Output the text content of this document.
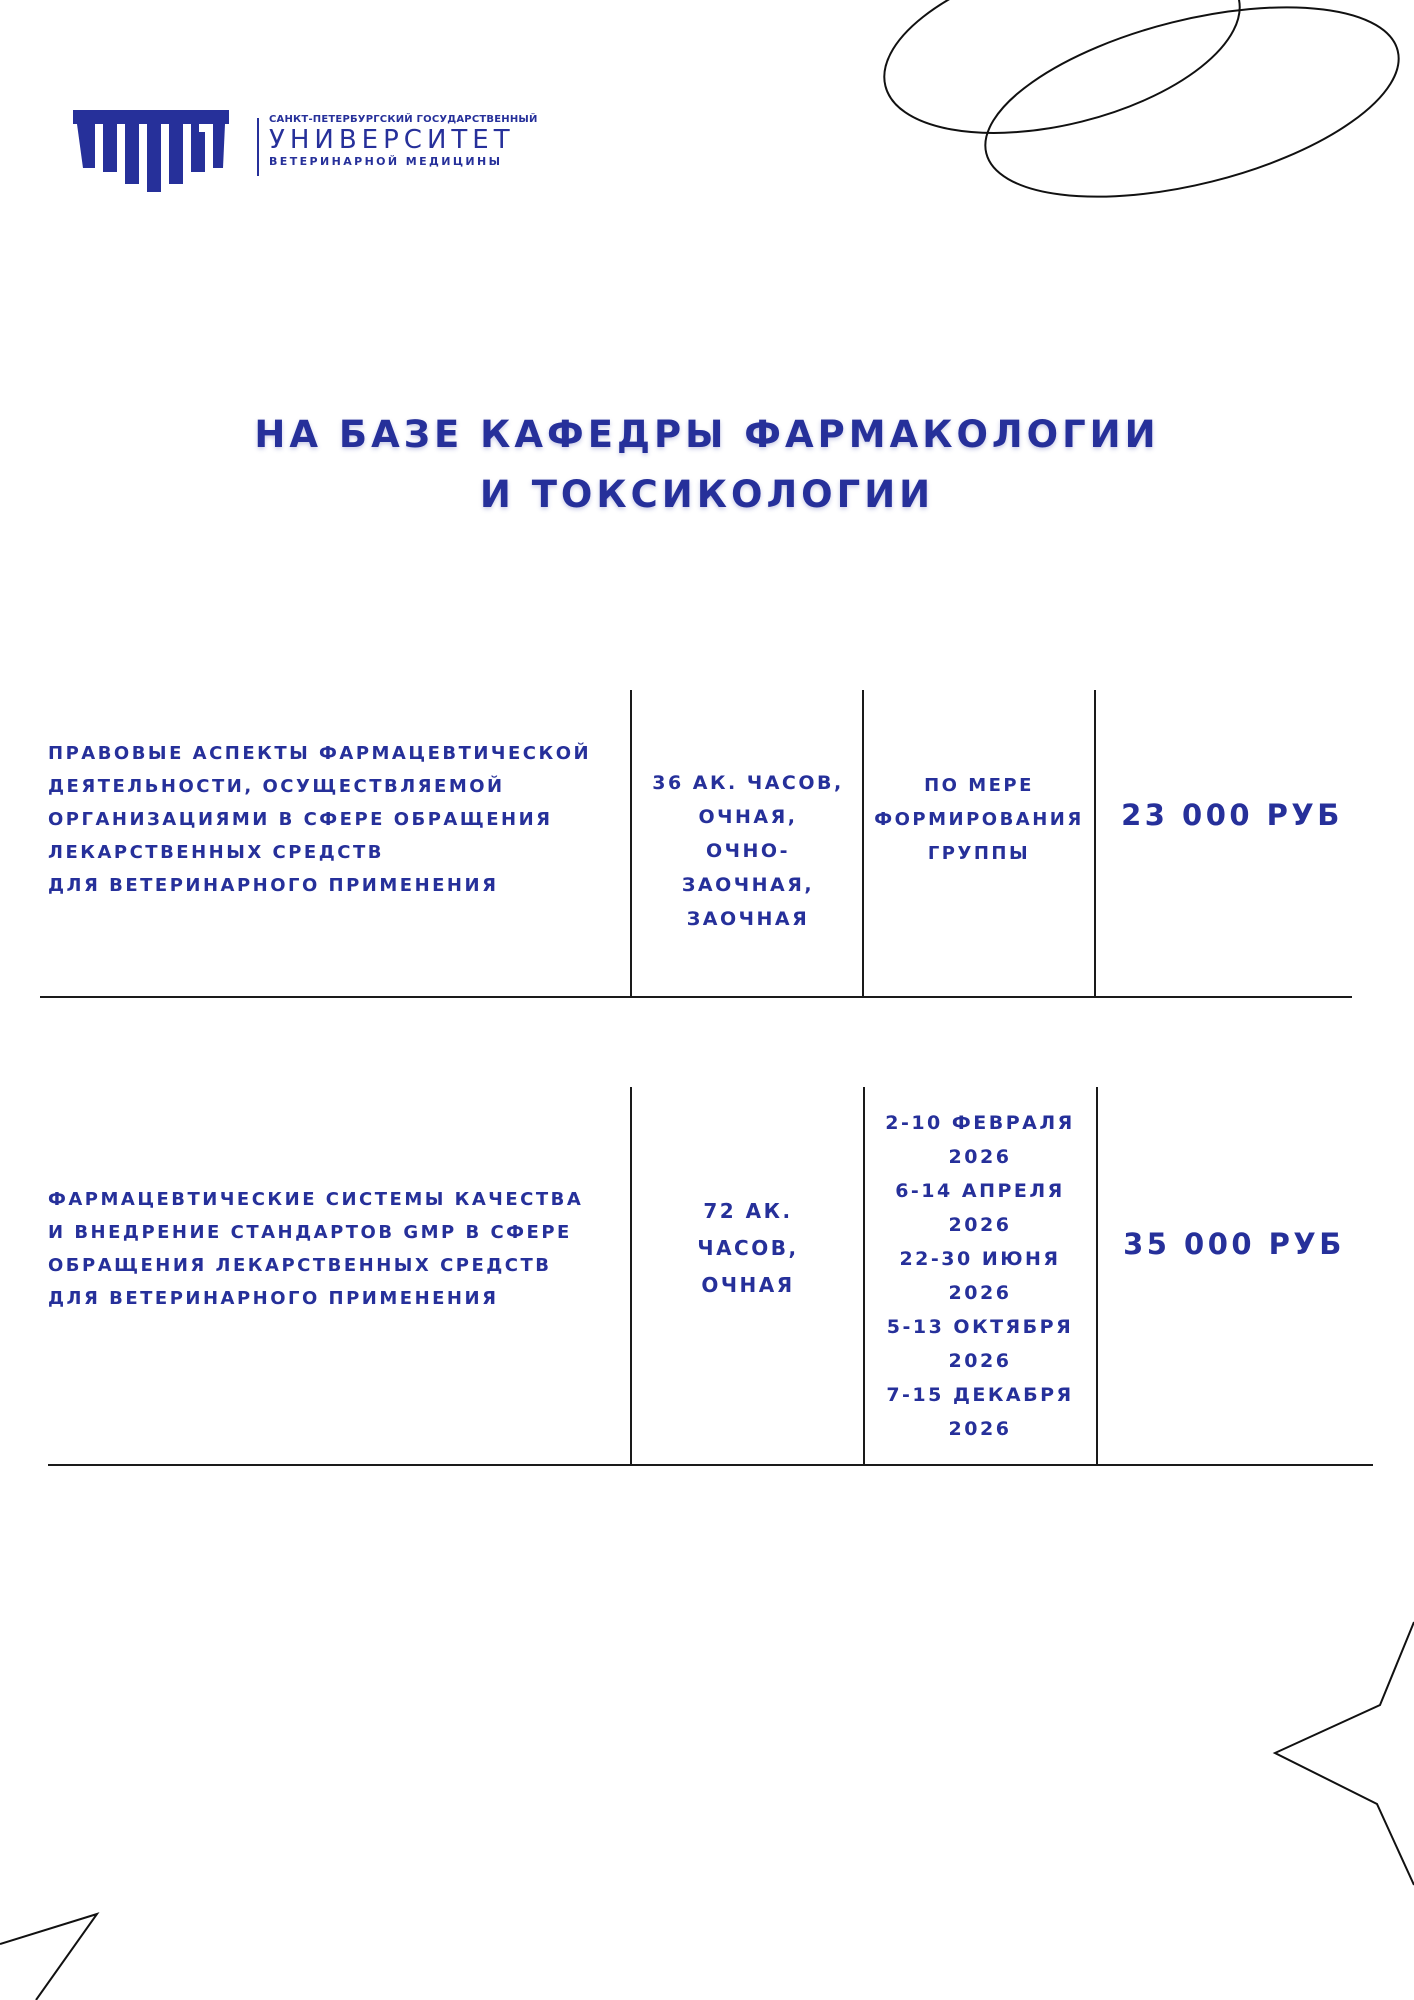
САНКТ-ПЕТЕРБУРГСКИЙ ГОСУДАРСТВЕННЫЙ
УНИВЕРСИТЕТ
ВЕТЕРИНАРНОЙ МЕДИЦИНЫ
НА БАЗЕ КАФЕДРЫ ФАРМАКОЛОГИИ
И ТОКСИКОЛОГИИ
ПРАВОВЫЕ АСПЕКТЫ ФАРМАЦЕВТИЧЕСКОЙ
ДЕЯТЕЛЬНОСТИ, ОСУЩЕСТВЛЯЕМОЙ
ОРГАНИЗАЦИЯМИ В СФЕРЕ ОБРАЩЕНИЯ
ЛЕКАРСТВЕННЫХ СРЕДСТВ
ДЛЯ ВЕТЕРИНАРНОГО ПРИМЕНЕНИЯ
36 АК. ЧАСОВ,
ОЧНАЯ,
ОЧНО-
ЗАОЧНАЯ,
ЗАОЧНАЯ
ПО МЕРЕ
ФОРМИРОВАНИЯ
ГРУППЫ
23 000 РУБ
ФАРМАЦЕВТИЧЕСКИЕ СИСТЕМЫ КАЧЕСТВА
И ВНЕДРЕНИЕ СТАНДАРТОВ GMP В СФЕРЕ
ОБРАЩЕНИЯ ЛЕКАРСТВЕННЫХ СРЕДСТВ
ДЛЯ ВЕТЕРИНАРНОГО ПРИМЕНЕНИЯ
72 АК.
ЧАСОВ,
ОЧНАЯ
2-10 ФЕВРАЛЯ
2026
6-14 АПРЕЛЯ
2026
22-30 ИЮНЯ
2026
5-13 ОКТЯБРЯ
2026
7-15 ДЕКАБРЯ
2026
35 000 РУБ
